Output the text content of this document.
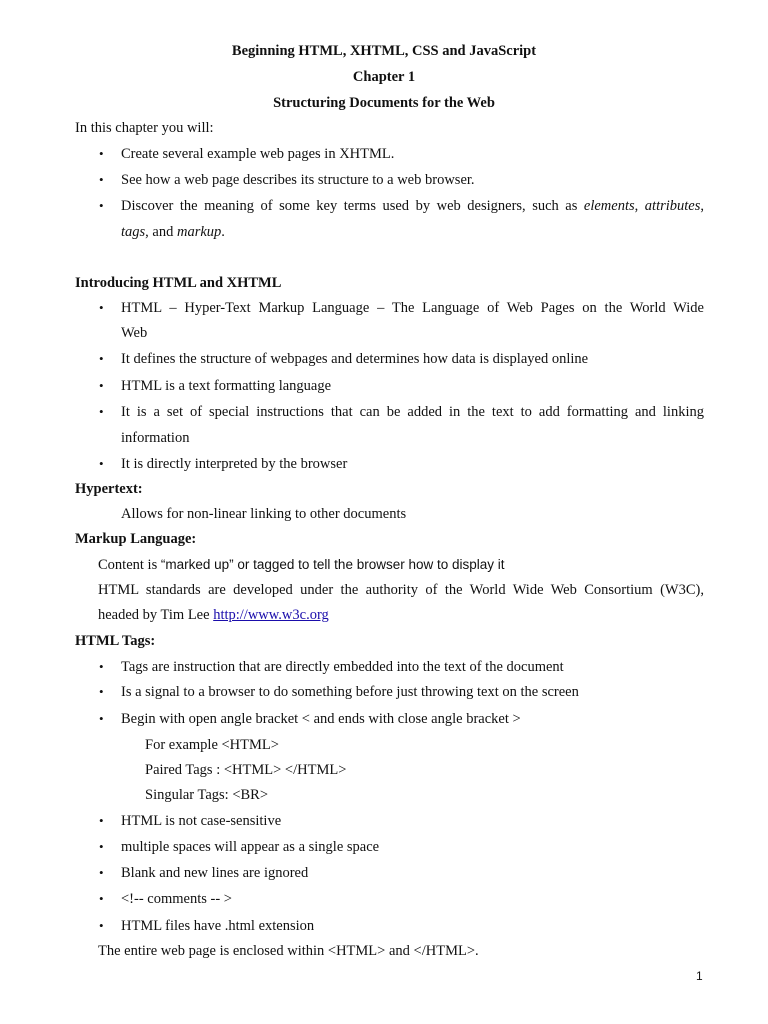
Beginning HTML, XHTML, CSS and JavaScript
Chapter 1
Structuring Documents for the Web
In this chapter you will:
• Create several example web pages in XHTML.
• See how a web page describes its structure to a web browser.
• Discover the meaning of some key terms used by web designers, such as elements, attributes,
tags, and markup.
Introducing HTML and XHTML
• HTML – Hyper-Text Markup Language – The Language of Web Pages on the World Wide
Web
• It defines the structure of webpages and determines how data is displayed online
• HTML is a text formatting language
• It is a set of special instructions that can be added in the text to add formatting and linking
information
• It is directly interpreted by the browser
Hypertext:
Allows for non-linear linking to other documents
Markup Language:
Content is “marked up” or tagged to tell the browser how to display it
HTML standards are developed under the authority of the World Wide Web Consortium (W3C),
headed by Tim Lee http://www.w3c.org
HTML Tags:
• Tags are instruction that are directly embedded into the text of the document
• Is a signal to a browser to do something before just throwing text on the screen
• Begin with open angle bracket < and ends with close angle bracket >
For example <HTML>
Paired Tags : <HTML> </HTML>
Singular Tags: <BR>
• HTML is not case-sensitive
• multiple spaces will appear as a single space
• Blank and new lines are ignored
• <!-- comments -- >
• HTML files have .html extension
The entire web page is enclosed within <HTML> and </HTML>.
1
